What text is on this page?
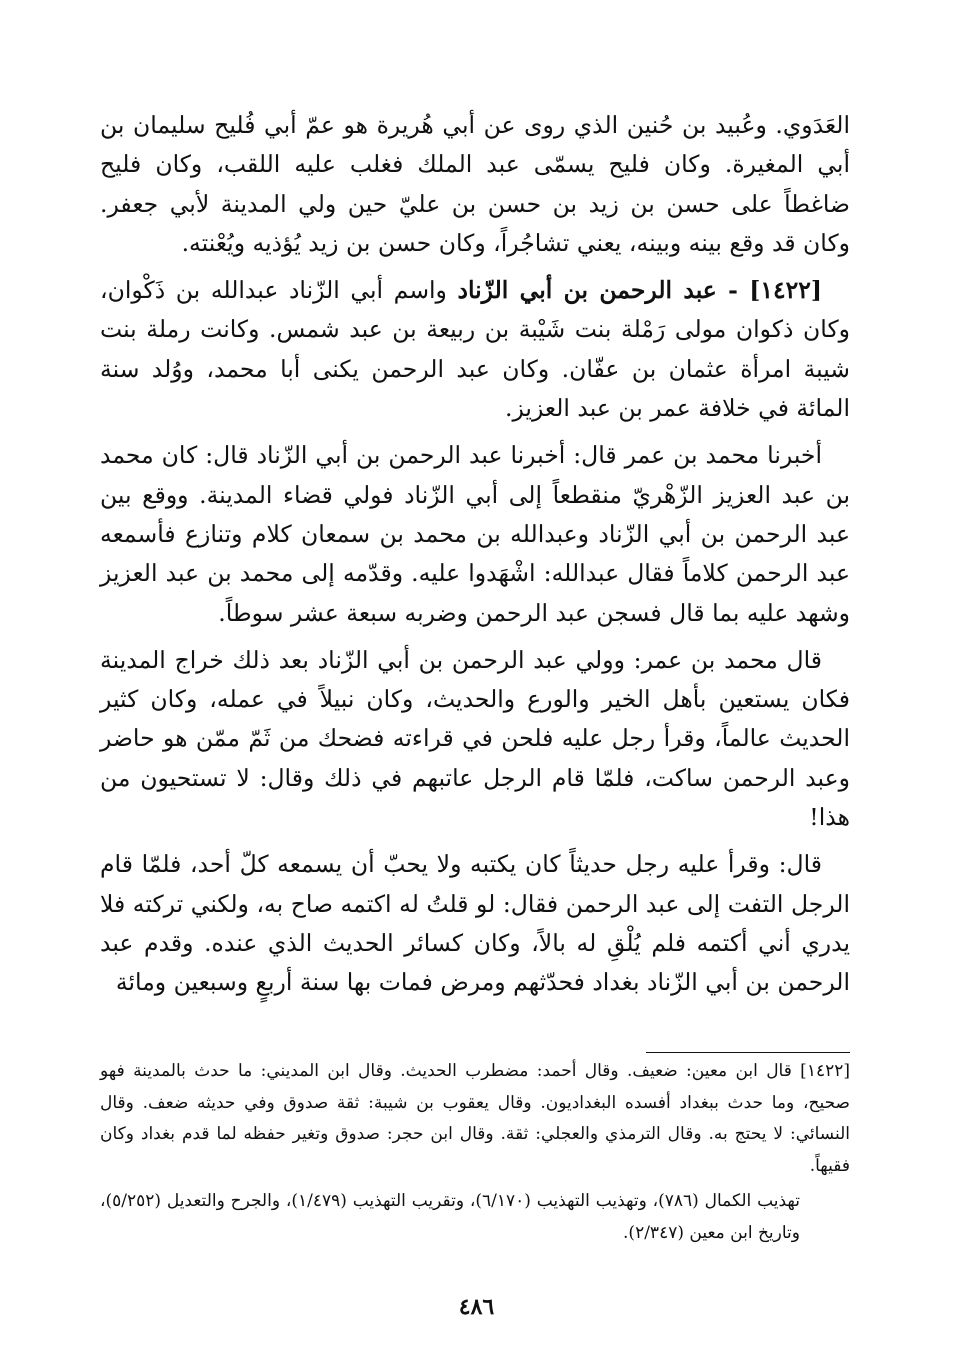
العَدَوي. وعُبيد بن حُنين الذي روى عن أبي هُريرة هو عمّ أبي فُليح سليمان بن أبي المغيرة. وكان فليح يسمّى عبد الملك فغلب عليه اللقب، وكان فليح ضاغطاً على حسن بن زيد بن حسن بن عليّ حين ولي المدينة لأبي جعفر. وكان قد وقع بينه وبينه، يعني تشاجُراً، وكان حسن بن زيد يُؤذيه ويُعْنته.

[١٤٢٢] - عبد الرحمن بن أبي الزّناد واسم أبي الزّناد عبدالله بن ذَكْوان، وكان ذكوان مولى رَمْلة بنت شَيْبة بن ربيعة بن عبد شمس. وكانت رملة بنت شيبة امرأة عثمان بن عفّان. وكان عبد الرحمن يكنى أبا محمد، ووُلد سنة المائة في خلافة عمر بن عبد العزيز.

أخبرنا محمد بن عمر قال: أخبرنا عبد الرحمن بن أبي الزّناد قال: كان محمد بن عبد العزيز الزّهْريّ منقطعاً إلى أبي الزّناد فولي قضاء المدينة. ووقع بين عبد الرحمن بن أبي الزّناد وعبدالله بن محمد بن سمعان كلام وتنازع فأسمعه عبد الرحمن كلاماً فقال عبدالله: اشْهَدوا عليه. وقدّمه إلى محمد بن عبد العزيز وشهد عليه بما قال فسجن عبد الرحمن وضربه سبعة عشر سوطاً.

قال محمد بن عمر: وولي عبد الرحمن بن أبي الزّناد بعد ذلك خراج المدينة فكان يستعين بأهل الخير والورع والحديث، وكان نبيلاً في عمله، وكان كثير الحديث عالماً، وقرأ رجل عليه فلحن في قراءته فضحك من ثَمّ ممّن هو حاضر وعبد الرحمن ساكت، فلمّا قام الرجل عاتبهم في ذلك وقال: لا تستحيون من هذا!

قال: وقرأ عليه رجل حديثاً كان يكتبه ولا يحبّ أن يسمعه كلّ أحد، فلمّا قام الرجل التفت إلى عبد الرحمن فقال: لو قلتُ له اكتمه صاح به، ولكني تركته فلا يدري أني أكتمه فلم يُلْقِ له بالاً، وكان كسائر الحديث الذي عنده. وقدم عبد الرحمن بن أبي الزّناد بغداد فحدّثهم ومرض فمات بها سنة أربعٍ وسبعين ومائة

[١٤٢٢] قال ابن معين: ضعيف. وقال أحمد: مضطرب الحديث. وقال ابن المديني: ما حدث بالمدينة فهو صحيح، وما حدث ببغداد أفسده البغداديون. وقال يعقوب بن شيبة: ثقة صدوق وفي حديثه ضعف. وقال النسائي: لا يحتج به. وقال الترمذي والعجلي: ثقة. وقال ابن حجر: صدوق وتغير حفظه لما قدم بغداد وكان فقيهاً.

تهذيب الكمال (٧٨٦)، وتهذيب التهذيب (٦/١٧٠)، وتقريب التهذيب (١/٤٧٩)، والجرح والتعديل (٥/٢٥٢)، وتاريخ ابن معين (٢/٣٤٧).

٤٨٦
